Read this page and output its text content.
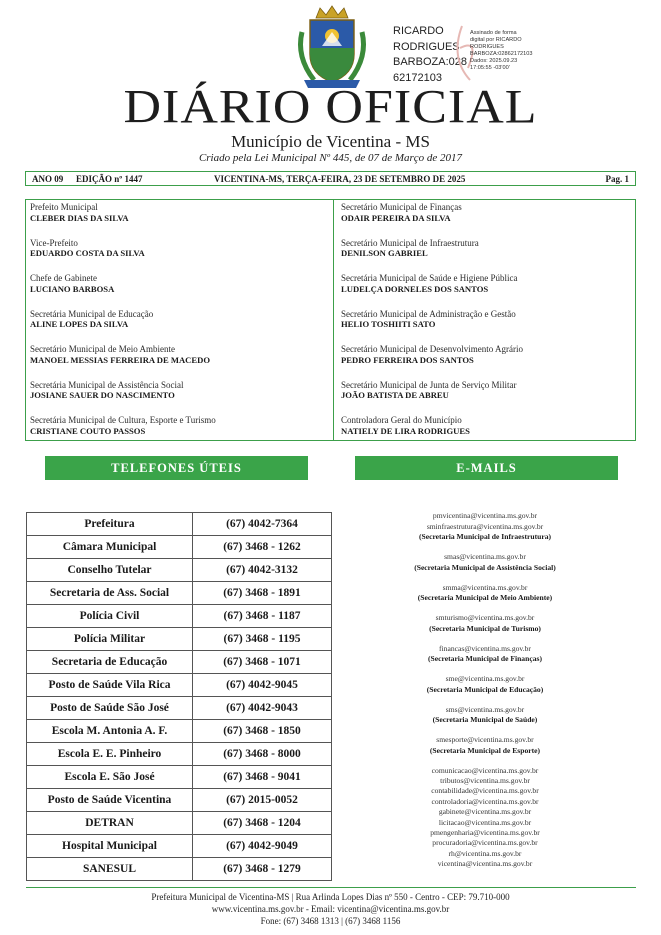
RICARDO
RODRIGUES
BARBOZA:028
62172103
Assinado de forma
digital por RICARDO
RODRIGUES
BARBOZA:02862172103
Dados: 2025.09.23
17:05:55 -03'00'
DIÁRIO OFICIAL
Município de Vicentina - MS
Criado pela Lei Municipal Nº 445, de 07 de Março de 2017
ANO 09	EDIÇÃO nº 1447	VICENTINA-MS, TERÇA-FEIRA, 23 DE SETEMBRO DE 2025	Pag. 1
Prefeito Municipal
CLEBER DIAS DA SILVA
Vice-Prefeito
EDUARDO COSTA DA SILVA
Chefe de Gabinete
LUCIANO BARBOSA
Secretária Municipal de Educação
ALINE LOPES DA SILVA
Secretário Municipal de Meio Ambiente
MANOEL MESSIAS FERREIRA DE MACEDO
Secretária Municipal de Assistência Social
JOSIANE SAUER DO NASCIMENTO
Secretária Municipal de Cultura, Esporte e Turismo
CRISTIANE COUTO PASSOS
Secretário Municipal de Finanças
ODAIR PEREIRA DA SILVA
Secretário Municipal de Infraestrutura
DENILSON GABRIEL
Secretária Municipal de Saúde e Higiene Pública
LUDELÇA DORNELES DOS SANTOS
Secretário Municipal de Administração e Gestão
HELIO TOSHIITI SATO
Secretário Municipal de Desenvolvimento Agrário
PEDRO FERREIRA DOS SANTOS
Secretário Municipal de Junta de Serviço Militar
JOÃO BATISTA DE ABREU
Controladora Geral do Município
NATIELY DE LIRA RODRIGUES
TELEFONES ÚTEIS	E-MAILS
Prefeitura	(67) 4042-7364
Câmara Municipal	(67) 3468 - 1262
Conselho Tutelar	(67) 4042-3132
Secretaria de Ass. Social	(67) 3468 - 1891
Polícia Civil	(67) 3468 - 1187
Polícia Militar	(67) 3468 - 1195
Secretaria de Educação	(67) 3468 - 1071
Posto de Saúde Vila Rica	(67) 4042-9045
Posto de Saúde São José	(67) 4042-9043
Escola M. Antonia A. F.	(67) 3468 - 1850
Escola E. E. Pinheiro	(67) 3468 - 8000
Escola E. São José	(67) 3468 - 9041
Posto de Saúde Vicentina	(67) 2015-0052
DETRAN	(67) 3468 - 1204
Hospital Municipal	(67) 4042-9049
SANESUL	(67) 3468 - 1279
pmvicentina@vicentina.ms.gov.br
sminfraestrutura@vicentina.ms.gov.br
(Secretaria Municipal de Infraestrutura)
smas@vicentina.ms.gov.br
(Secretaria Municipal de Assistência Social)
smma@vicentina.ms.gov.br
(Secretaria Municipal de Meio Ambiente)
smturismo@vicentina.ms.gov.br
(Secretaria Municipal de Turismo)
financas@vicentina.ms.gov.br
(Secretaria Municipal de Finanças)
sme@vicentina.ms.gov.br
(Secretaria Municipal de Educação)
sms@vicentina.ms.gov.br
(Secretaria Municipal de Saúde)
smesporte@vicentina.ms.gov.br
(Secretaria Municipal de Esporte)
comunicacao@vicentina.ms.gov.br
tributos@vicentina.ms.gov.br
contabilidade@vicentina.ms.gov.br
controladoria@vicentina.ms.gov.br
gabinete@vicentina.ms.gov.br
licitacao@vicentina.ms.gov.br
pmengenharia@vicentina.ms.gov.br
procuradoria@vicentina.ms.gov.br
rh@vicentina.ms.gov.br
vicentina@vicentina.ms.gov.br
Prefeitura Municipal de Vicentina-MS | Rua Arlinda Lopes Dias nº 550 - Centro - CEP: 79.710-000
www.vicentina.ms.gov.br - Email: vicentina@vicentina.ms.gov.br
Fone: (67) 3468 1313 | (67) 3468 1156
